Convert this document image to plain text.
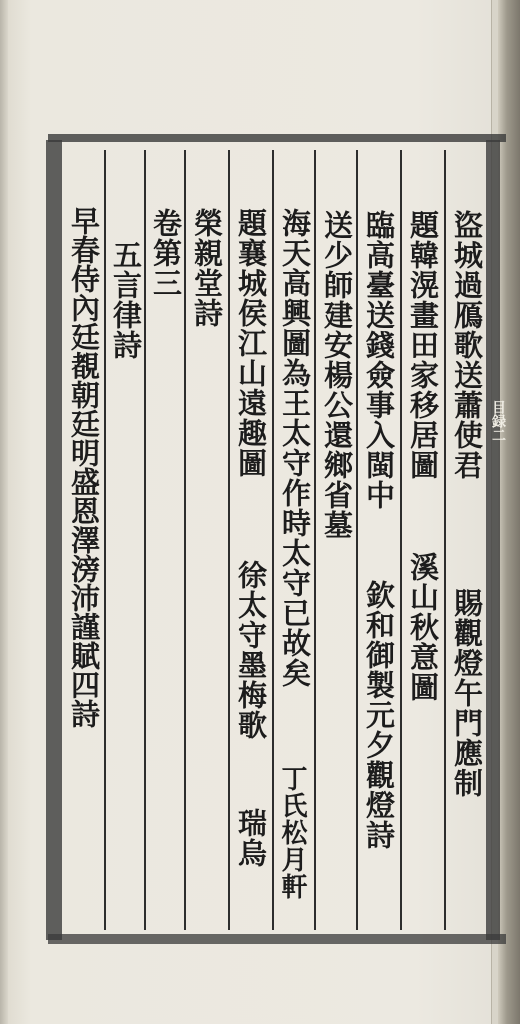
目録二
盜城過鴈歌送蕭使君
賜觀燈午門應制
題韓滉畫田家移居圖
溪山秋意圖
臨高臺送錢僉事入閩中
欽和御製元夕觀燈詩
送少師建安楊公還鄉省墓
海天高興圖為王太守作時太守已故矣
丁氏松月軒
題襄城侯江山遠趣圖
徐太守墨梅歌
瑞烏
榮親堂詩
卷第三
五言律詩
早春侍內廷覩朝廷明盛恩澤滂沛謹賦四詩
